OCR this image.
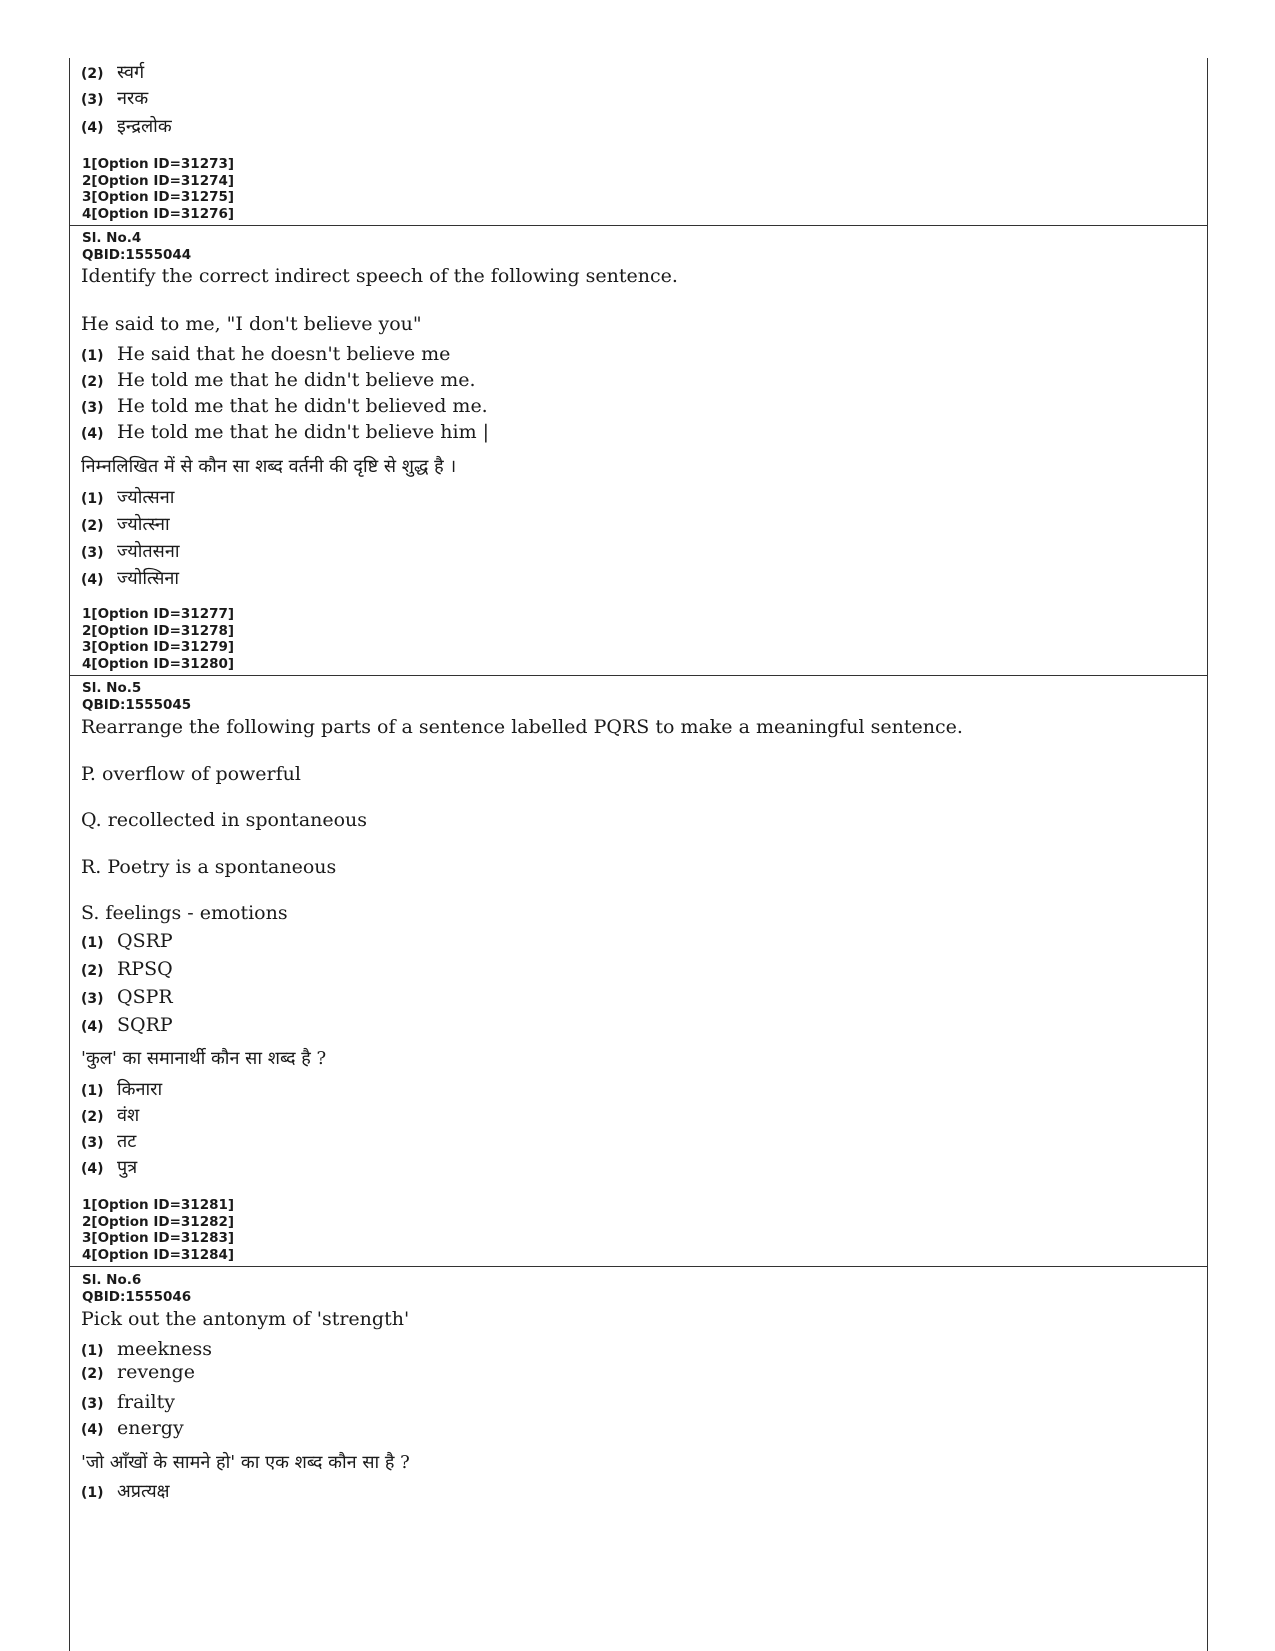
(2) स्वर्ग
(3) नरक
(4) इन्द्रलोक
1[Option ID=31273]
2[Option ID=31274]
3[Option ID=31275]
4[Option ID=31276]
Sl. No.4
QBID:1555044
Identify the correct indirect speech of the following sentence.
He said to me, "I don't believe you"
(1) He said that he doesn't believe me
(2) He told me that he didn't believe me.
(3) He told me that he didn't believed me.
(4) He told me that he didn't believe him |
निम्नलिखित में से कौन सा शब्द वर्तनी की दृष्टि से शुद्ध है ।
(1) ज्योत्सना
(2) ज्योत्स्ना
(3) ज्योतसना
(4) ज्योत्सिना
1[Option ID=31277]
2[Option ID=31278]
3[Option ID=31279]
4[Option ID=31280]
Sl. No.5
QBID:1555045
Rearrange the following parts of a sentence labelled PQRS to make a meaningful sentence.
P. overflow of powerful
Q. recollected in spontaneous
R. Poetry is a spontaneous
S. feelings - emotions
(1) QSRP
(2) RPSQ
(3) QSPR
(4) SQRP
'कुल' का समानार्थी कौन सा शब्द है ?
(1) किनारा
(2) वंश
(3) तट
(4) पुत्र
1[Option ID=31281]
2[Option ID=31282]
3[Option ID=31283]
4[Option ID=31284]
Sl. No.6
QBID:1555046
Pick out the antonym of 'strength'
(1) meekness
(2) revenge
(3) frailty
(4) energy
'जो आँखों के सामने हो' का एक शब्द कौन सा है ?
(1) अप्रत्यक्ष
